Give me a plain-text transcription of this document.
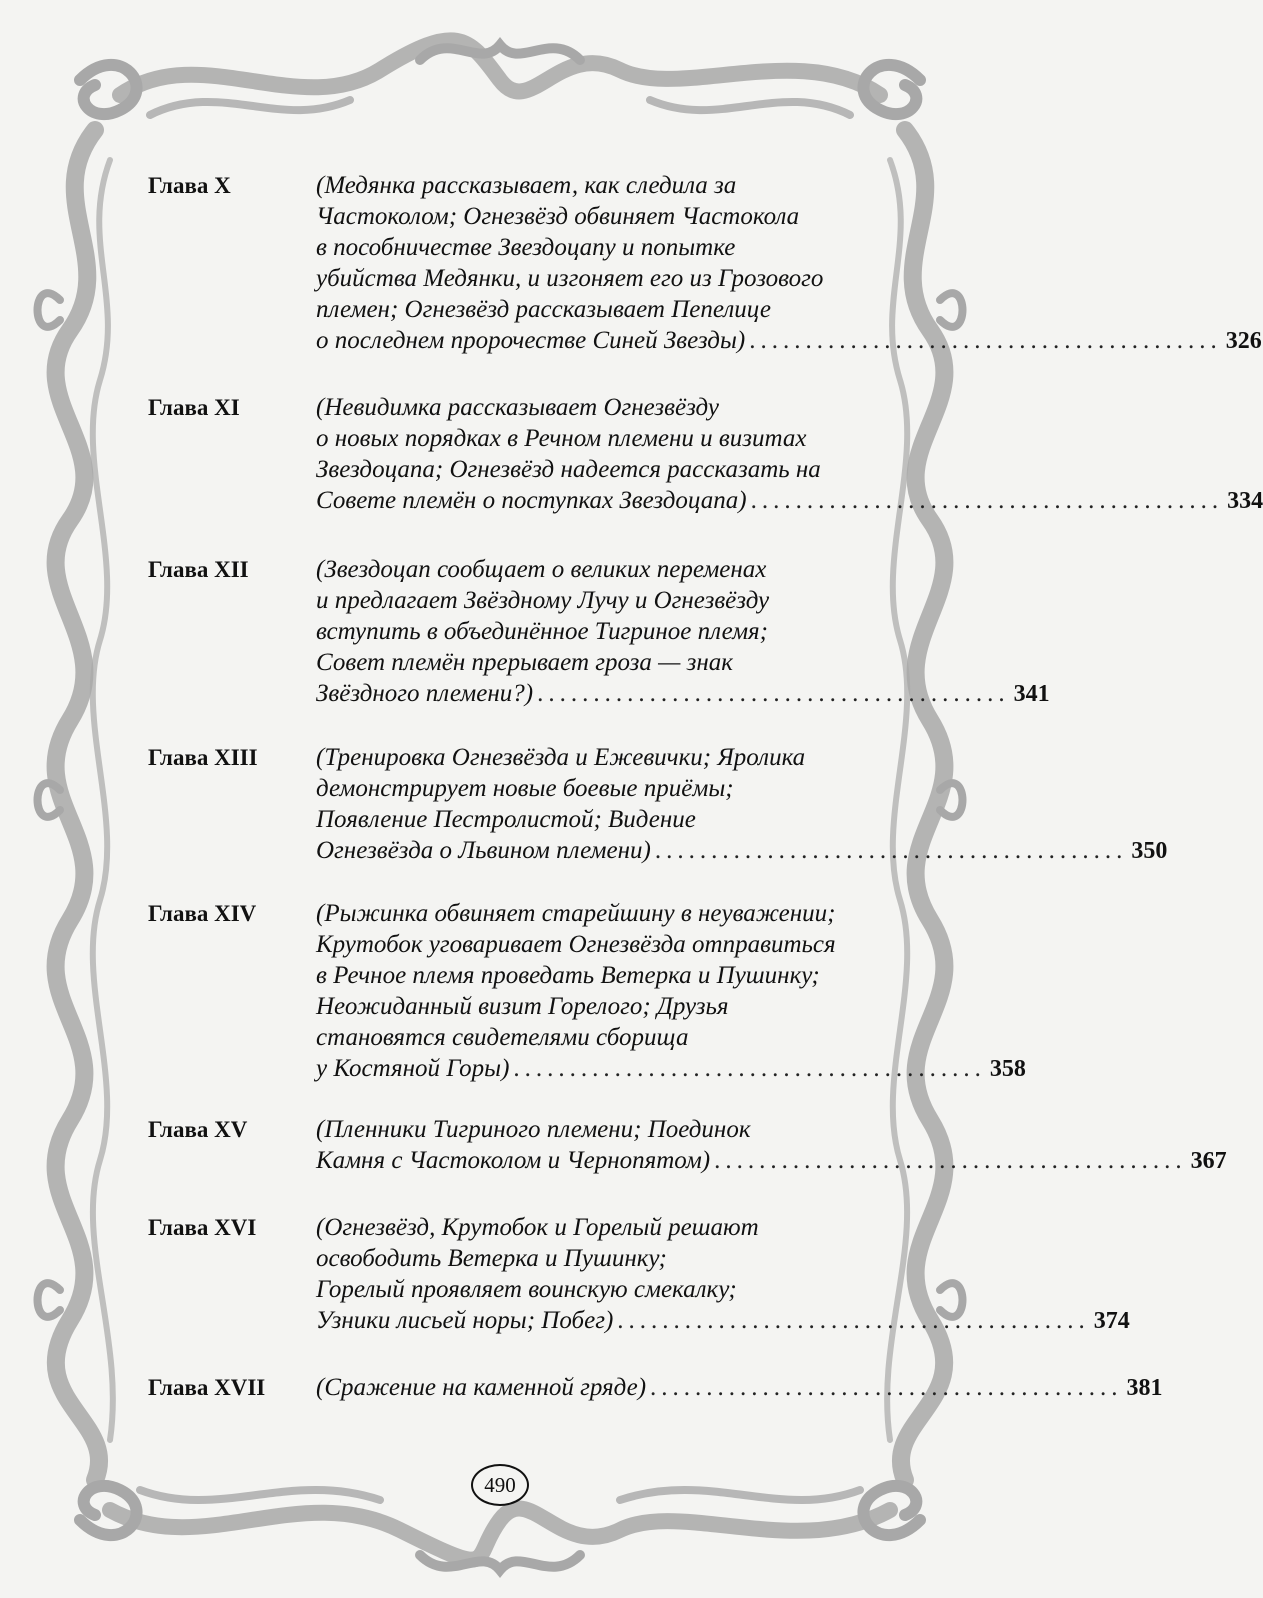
Глава X	(Медянка рассказывает, как следила за
Частоколом; Огнезвёзд обвиняет Частокола
в пособничестве Звездоцапу и попытке
убийства Медянки, и изгоняет его из Грозового
племен; Огнезвёзд рассказывает Пепелице
о последнем пророчестве Синей Звезды) .......................................... 326
Глава XI	(Невидимка рассказывает Огнезвёзду
о новых порядках в Речном племени и визитах
Звездоцапа; Огнезвёзд надеется рассказать на
Совете племён о поступках Звездоцапа) .......................................... 334
Глава XII	(Звездоцап сообщает о великих переменах
и предлагает Звёздному Лучу и Огнезвёзду
вступить в объединённое Тигриное племя;
Совет племён прерывает гроза — знак
Звёздного племени?) .......................................... 341
Глава XIII (Тренировка Огнезвёзда и Ежевички; Яролика
демонстрирует новые боевые приёмы;
Появление Пестролистой; Видение
Огнезвёзда о Львином племени) .......................................... 350
Глава XIV (Рыжинка обвиняет старейшину в неуважении;
Крутобок уговаривает Огнезвёзда отправиться
в Речное племя проведать Ветерка и Пушинку;
Неожиданный визит Горелого; Друзья
становятся свидетелями сборища
у Костяной Горы) .......................................... 358
Глава XV	(Пленники Тигриного племени; Поединок
Камня с Частоколом и Чернопятом) .......................................... 367
Глава XVI (Огнезвёзд, Крутобок и Горелый решают
освободить Ветерка и Пушинку;
Горелый проявляет воинскую смекалку;
Узники лисьей норы; Побег) .......................................... 374
Глава XVII (Сражение на каменной гряде) .......................................... 381
490
